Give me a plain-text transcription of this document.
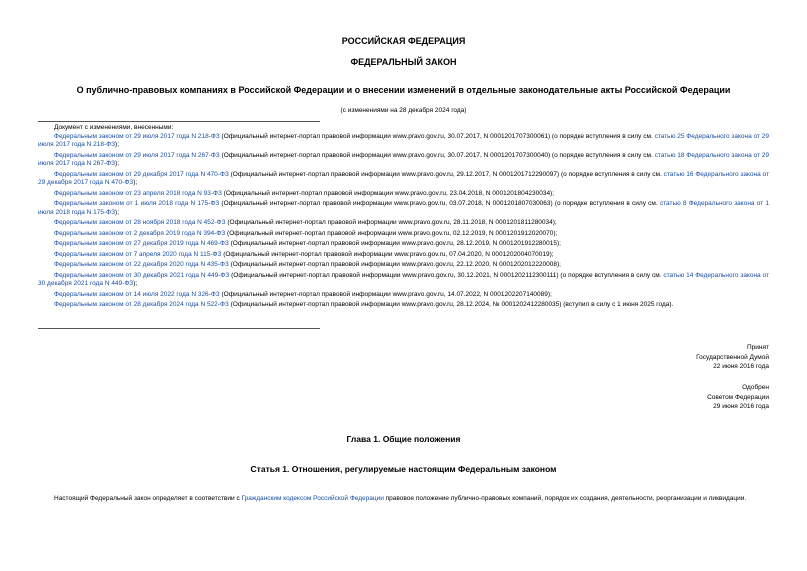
РОССИЙСКАЯ ФЕДЕРАЦИЯ
ФЕДЕРАЛЬНЫЙ ЗАКОН
О публично-правовых компаниях в Российской Федерации и о внесении изменений в отдельные законодательные акты Российской Федерации
(с изменениями на 28 декабря 2024 года)
Документ с изменениями, внесенными:
Федеральным законом от 29 июля 2017 года N 218-ФЗ (Официальный интернет-портал правовой информации www.pravo.gov.ru, 30.07.2017, N 0001201707300061) (о порядке вступления в силу см. статью 25 Федерального закона от 29 июля 2017 года N 218-ФЗ);
Федеральным законом от 29 июля 2017 года N 267-ФЗ (Официальный интернет-портал правовой информации www.pravo.gov.ru, 30.07.2017, N 0001201707300040) (о порядке вступления в силу см. статью 18 Федерального закона от 29 июля 2017 года N 267-ФЗ);
Федеральным законом от 29 декабря 2017 года N 470-ФЗ (Официальный интернет-портал правовой информации www.pravo.gov.ru, 29.12.2017, N 0001201712290097) (о порядке вступления в силу см. статью 16 Федерального закона от 29 декабря 2017 года N 470-ФЗ);
Федеральным законом от 23 апреля 2018 года N 93-ФЗ (Официальный интернет-портал правовой информации www.pravo.gov.ru, 23.04.2018, N 0001201804230034);
Федеральным законом от 1 июля 2018 года N 175-ФЗ (Официальный интернет-портал правовой информации www.pravo.gov.ru, 03.07.2018, N 0001201807030063) (о порядке вступления в силу см. статью 8 Федерального закона от 1 июля 2018 года N 175-ФЗ);
Федеральным законом от 28 ноября 2018 года N 452-ФЗ (Официальный интернет-портал правовой информации www.pravo.gov.ru, 28.11.2018, N 0001201811280034);
Федеральным законом от 2 декабря 2019 года N 394-ФЗ (Официальный интернет-портал правовой информации www.pravo.gov.ru, 02.12.2019, N 0001201912020070);
Федеральным законом от 27 декабря 2019 года N 469-ФЗ (Официальный интернет-портал правовой информации www.pravo.gov.ru, 28.12.2019, N 0001201912280015);
Федеральным законом от 7 апреля 2020 года N 115-ФЗ (Официальный интернет-портал правовой информации www.pravo.gov.ru, 07.04.2020, N 0001202004070019);
Федеральным законом от 22 декабря 2020 года N 435-ФЗ (Официальный интернет-портал правовой информации www.pravo.gov.ru, 22.12.2020, N 0001202012220008);
Федеральным законом от 30 декабря 2021 года N 449-ФЗ (Официальный интернет-портал правовой информации www.pravo.gov.ru, 30.12.2021, N 0001202112300111) (о порядке вступления в силу см. статью 14 Федерального закона от 30 декабря 2021 года N 449-ФЗ);
Федеральным законом от 14 июля 2022 года N 326-ФЗ (Официальный интернет-портал правовой информации www.pravo.gov.ru, 14.07.2022, N 0001202207140089);
Федеральным законом от 28 декабря 2024 года N 522-ФЗ (Официальный интернет-портал правовой информации www.pravo.gov.ru, 28.12.2024, № 0001202412280035) (вступил в силу с 1 июня 2025 года).
Принят
Государственной Думой
22 июня 2016 года
Одобрен
Советом Федерации
29 июня 2016 года
Глава 1. Общие положения
Статья 1. Отношения, регулируемые настоящим Федеральным законом
Настоящий Федеральный закон определяет в соответствии с Гражданским кодексом Российской Федерации правовое положение публично-правовых компаний, порядок их создания, деятельности, реорганизации и ликвидации.
